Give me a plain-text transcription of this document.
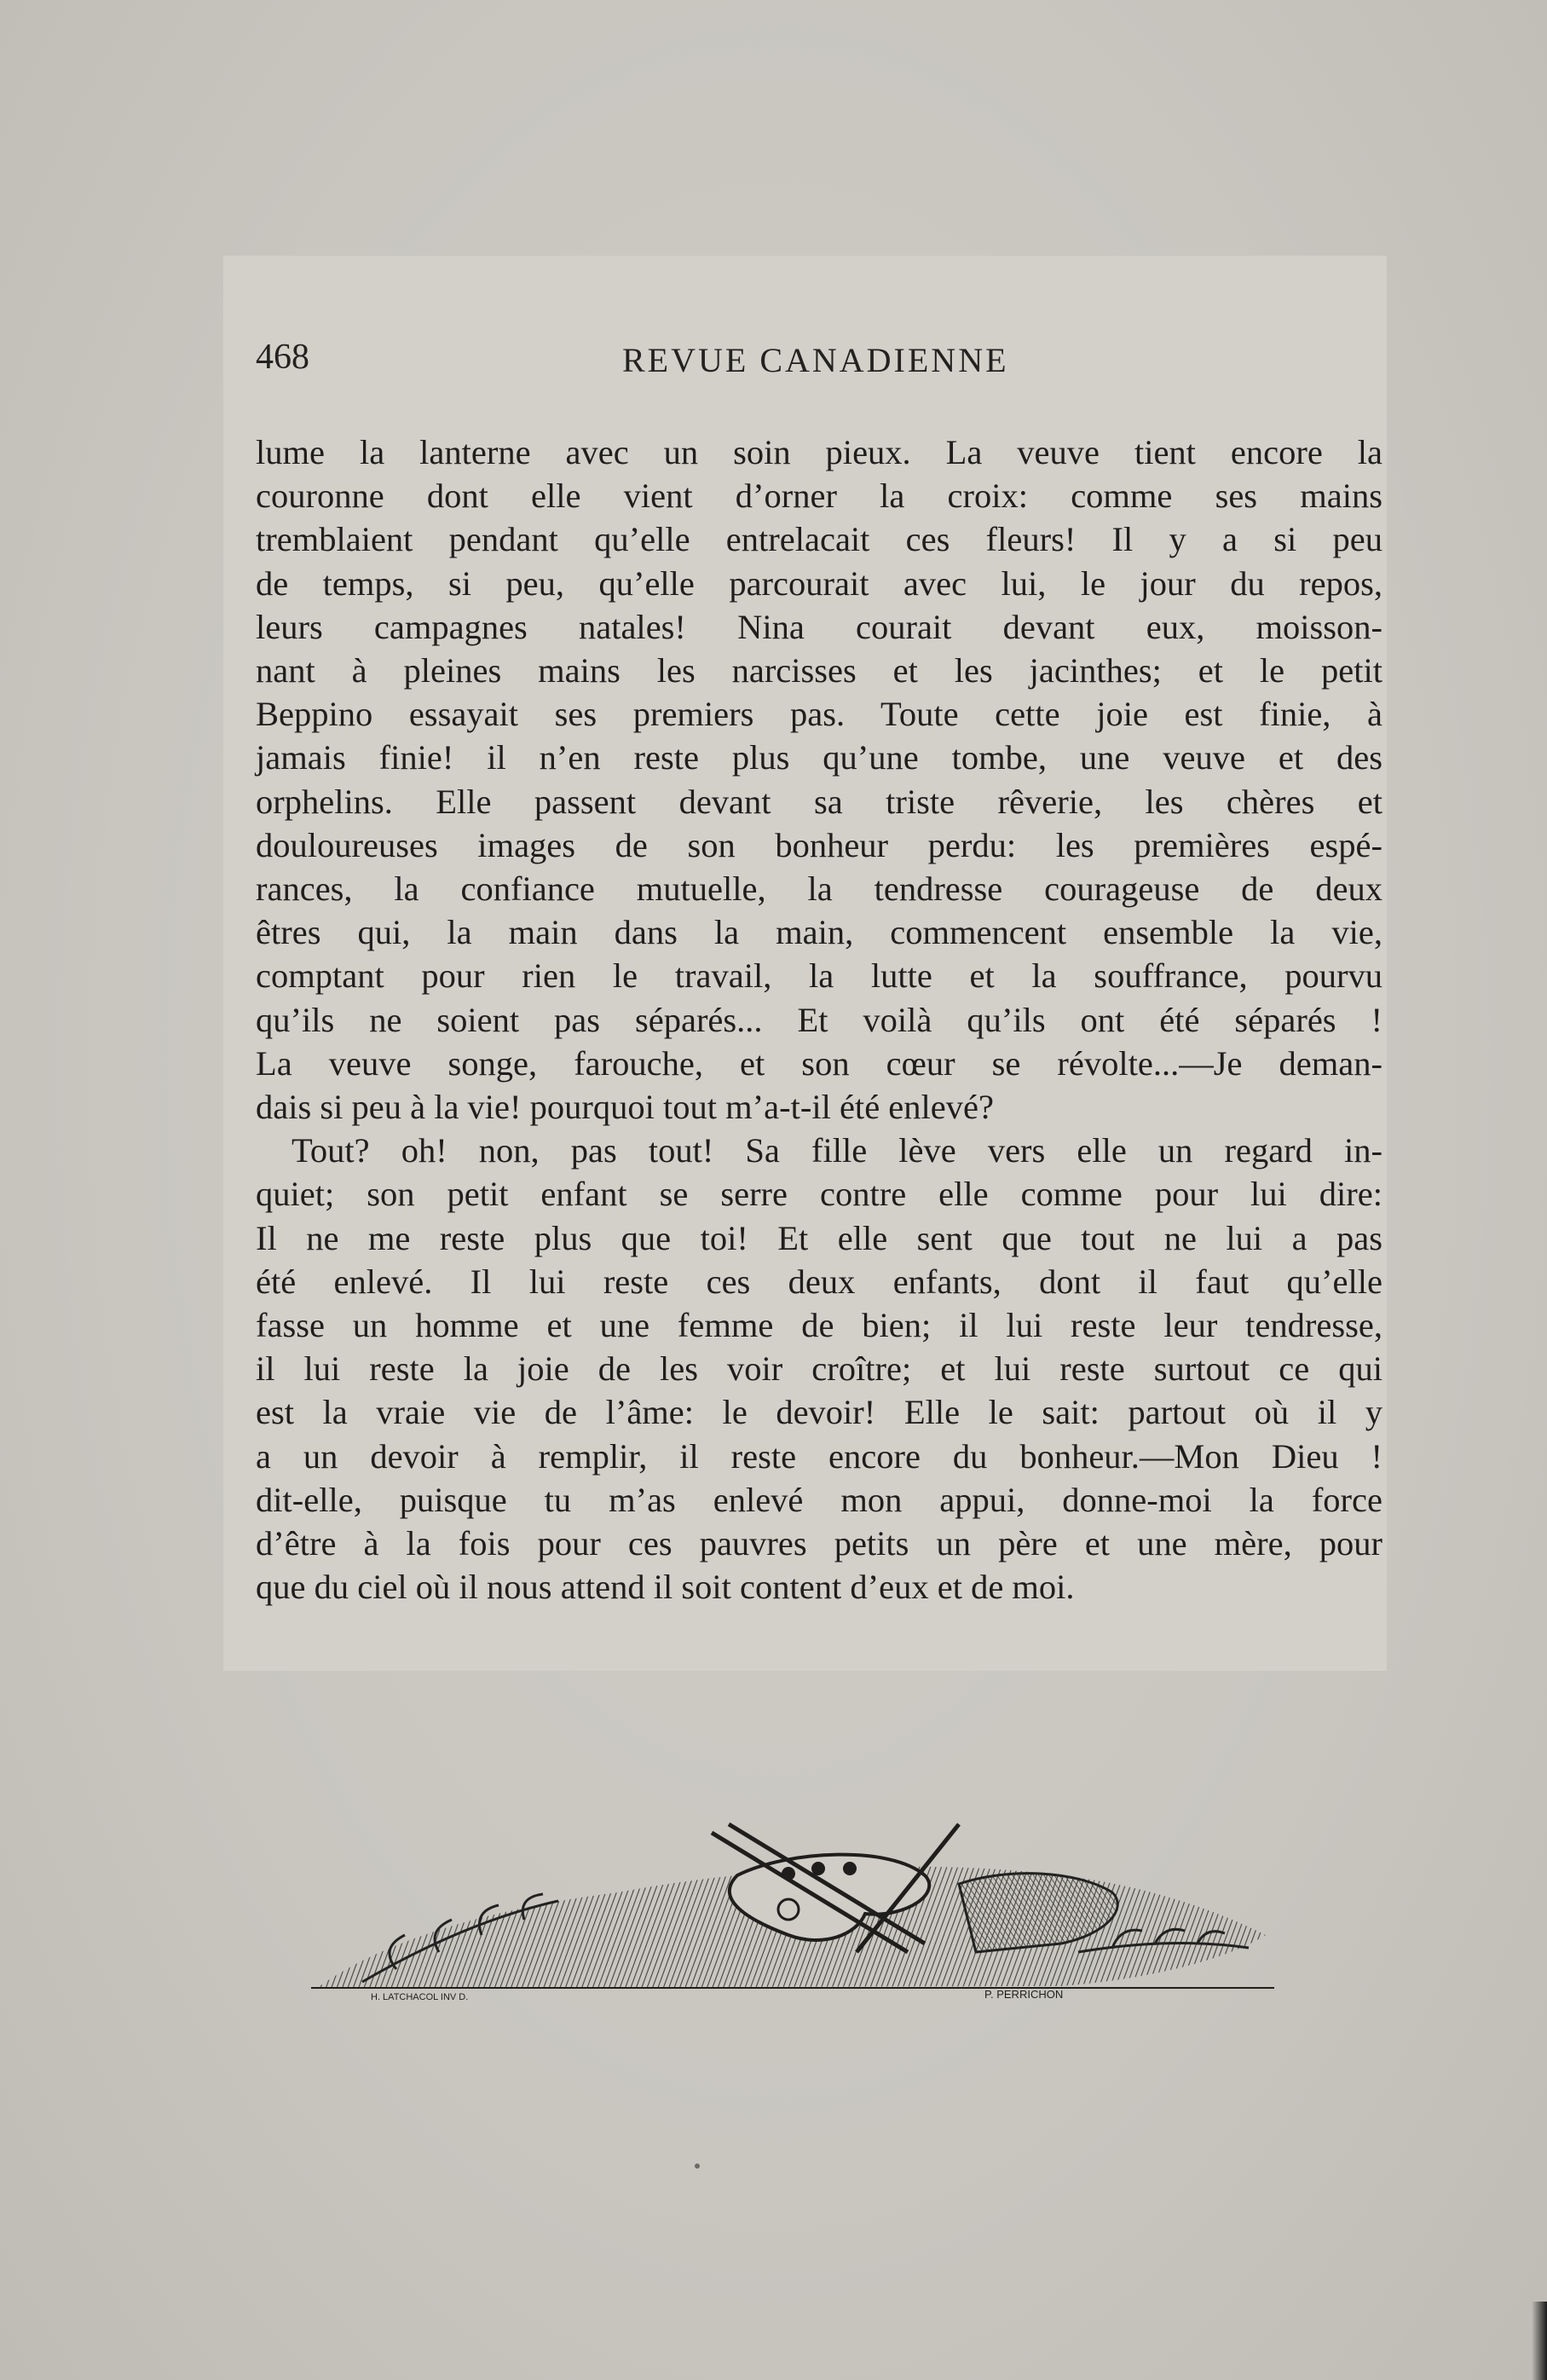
468	REVUE CANADIENNE
lume la lanterne avec un soin pieux. La veuve tient encore la
couronne dont elle vient d’orner la croix: comme ses mains
tremblaient pendant qu’elle entrelacait ces fleurs! Il y a si peu
de temps, si peu, qu’elle parcourait avec lui, le jour du repos,
leurs campagnes natales! Nina courait devant eux, moisson-
nant à pleines mains les narcisses et les jacinthes; et le petit
Beppino essayait ses premiers pas. Toute cette joie est finie, à
jamais finie! il n’en reste plus qu’une tombe, une veuve et des
orphelins. Elle passent devant sa triste rêverie, les chères et
douloureuses images de son bonheur perdu: les premières espé-
rances, la confiance mutuelle, la tendresse courageuse de deux
êtres qui, la main dans la main, commencent ensemble la vie,
comptant pour rien le travail, la lutte et la souffrance, pourvu
qu’ils ne soient pas séparés... Et voilà qu’ils ont été séparés !
La veuve songe, farouche, et son cœur se révolte...—Je deman-
dais si peu à la vie! pourquoi tout m’a-t-il été enlevé?
Tout? oh! non, pas tout! Sa fille lève vers elle un regard in-
quiet; son petit enfant se serre contre elle comme pour lui dire:
Il ne me reste plus que toi! Et elle sent que tout ne lui a pas
été enlevé. Il lui reste ces deux enfants, dont il faut qu’elle
fasse un homme et une femme de bien; il lui reste leur tendresse,
il lui reste la joie de les voir croître; et lui reste surtout ce qui
est la vraie vie de l’âme: le devoir! Elle le sait: partout où il y
a un devoir à remplir, il reste encore du bonheur.—Mon Dieu !
dit-elle, puisque tu m’as enlevé mon appui, donne-moi la force
d’être à la fois pour ces pauvres petits un père et une mère, pour
que du ciel où il nous attend il soit content d’eux et de moi.
H. LATCHACOL INV D.	P. PERRICHON
